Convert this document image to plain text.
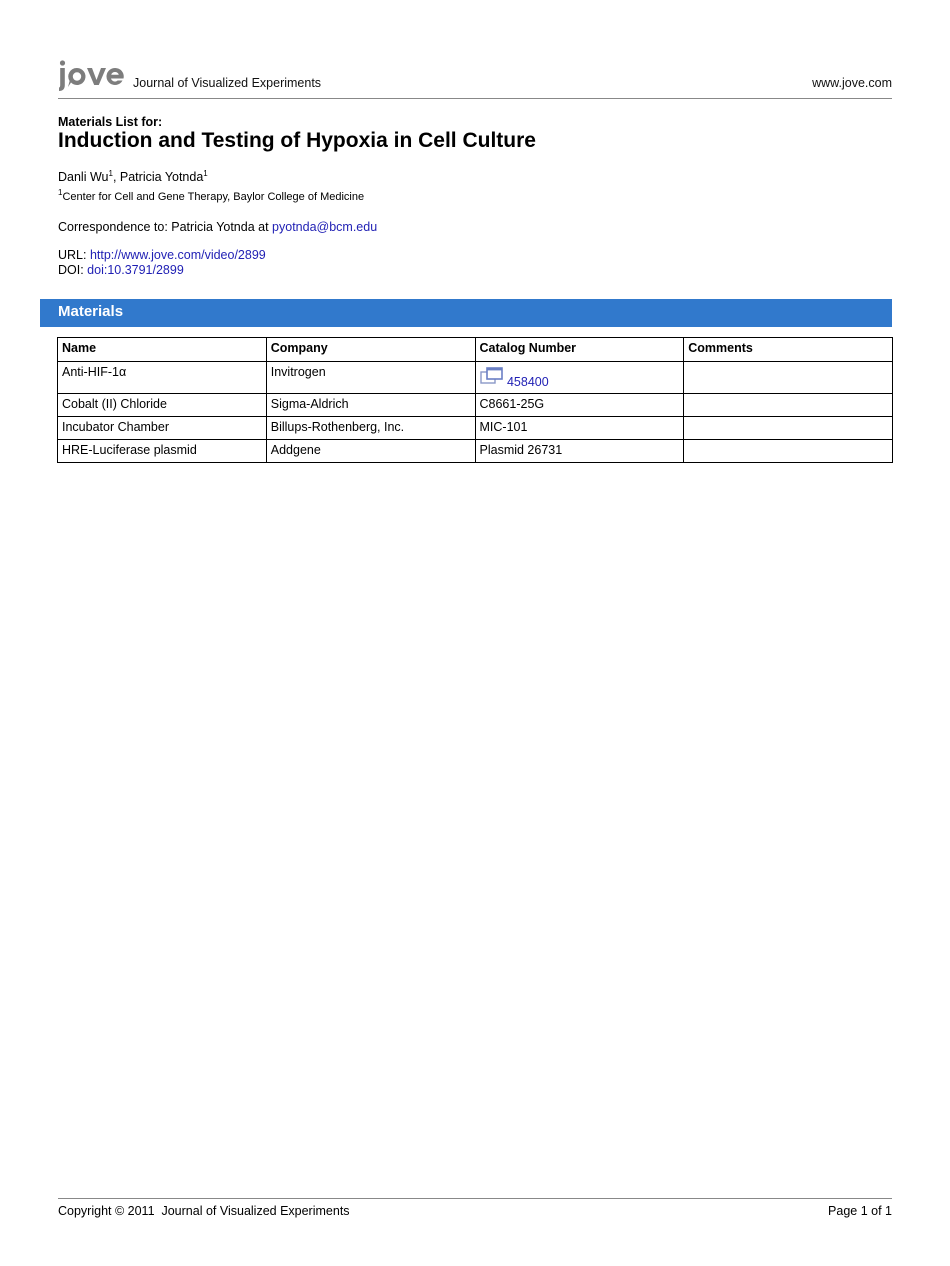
Journal of Visualized Experiments	www.jove.com
Materials List for:
Induction and Testing of Hypoxia in Cell Culture
Danli Wu$^1$, Patricia Yotnda$^1$
$^1$Center for Cell and Gene Therapy, Baylor College of Medicine
Correspondence to: Patricia Yotnda at pyotnda@bcm.edu
URL: http://www.jove.com/video/2899
DOI: doi:10.3791/2899
Materials
Name	Company	Catalog Number	Comments
Anti-HIF-1α	Invitrogen	458400	
Cobalt (II) Chloride	Sigma-Aldrich	C8661-25G	
Incubator Chamber	Billups-Rothenberg, Inc.	MIC-101	
HRE-Luciferase plasmid	Addgene	Plasmid 26731	
Copyright © 2011  Journal of Visualized Experiments	Page 1 of 1
